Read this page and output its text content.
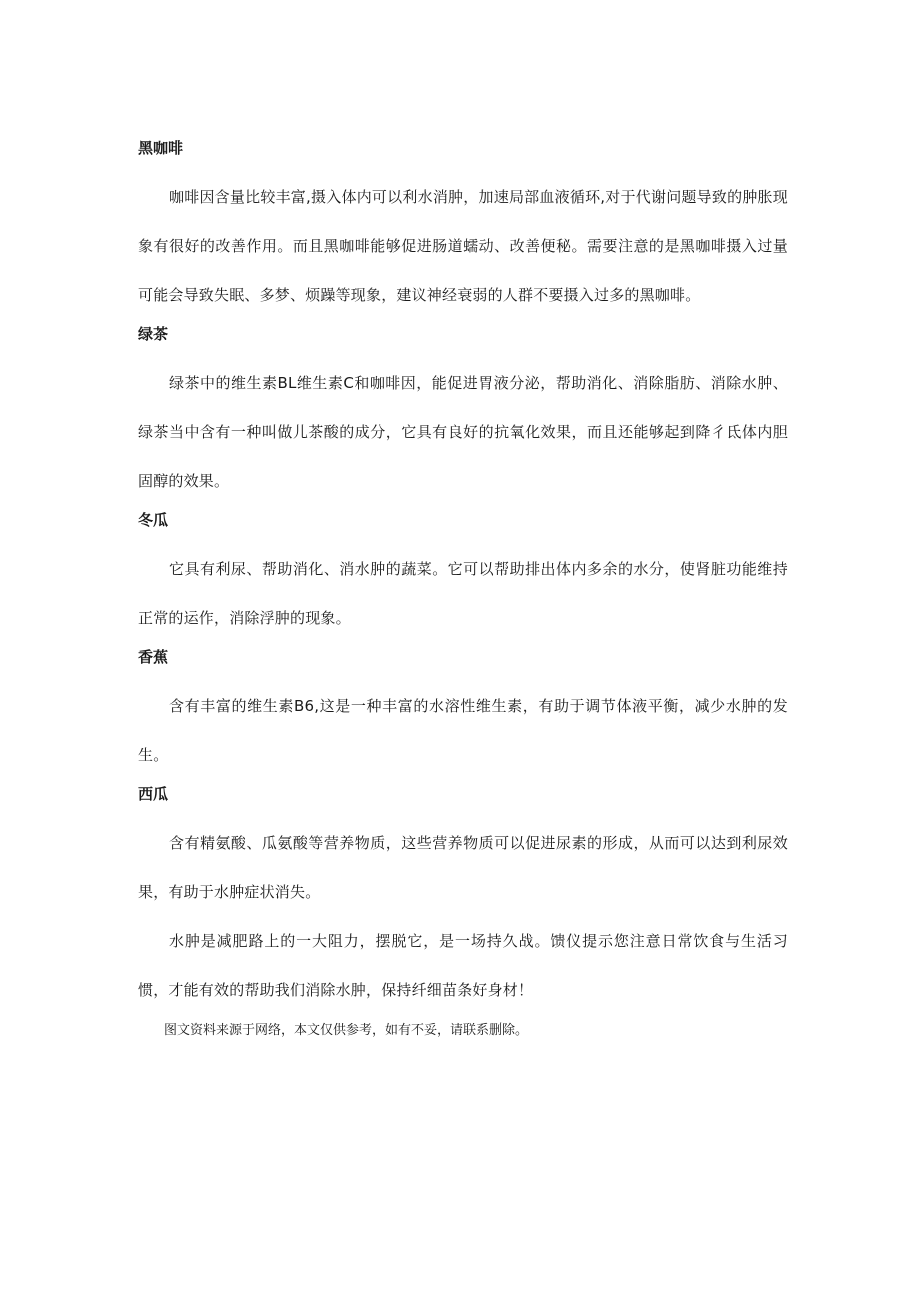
黑咖啡

咖啡因含量比较丰富,摄入体内可以利水消肿，加速局部血液循环,对于代谢问题导致的肿胀现象有很好的改善作用。而且黑咖啡能够促进肠道蠕动、改善便秘。需要注意的是黑咖啡摄入过量可能会导致失眠、多梦、烦躁等现象，建议神经衰弱的人群不要摄入过多的黑咖啡。

绿茶

绿茶中的维生素BL维生素C和咖啡因，能促进胃液分泌，帮助消化、消除脂肪、消除水肿、绿茶当中含有一种叫做儿茶酸的成分，它具有良好的抗氧化效果，而且还能够起到降彳氐体内胆固醇的效果。

冬瓜

它具有利尿、帮助消化、消水肿的蔬菜。它可以帮助排出体内多余的水分，使肾脏功能维持正常的运作，消除浮肿的现象。

香蕉

含有丰富的维生素B6,这是一种丰富的水溶性维生素，有助于调节体液平衡，减少水肿的发生。

西瓜

含有精氨酸、瓜氨酸等营养物质，这些营养物质可以促进尿素的形成，从而可以达到利尿效果，有助于水肿症状消失。

水肿是减肥路上的一大阻力，摆脱它，是一场持久战。馈仪提示您注意日常饮食与生活习惯，才能有效的帮助我们消除水肿，保持纤细苗条好身材！

图文资料来源于网络，本文仅供参考，如有不妥，请联系删除。
